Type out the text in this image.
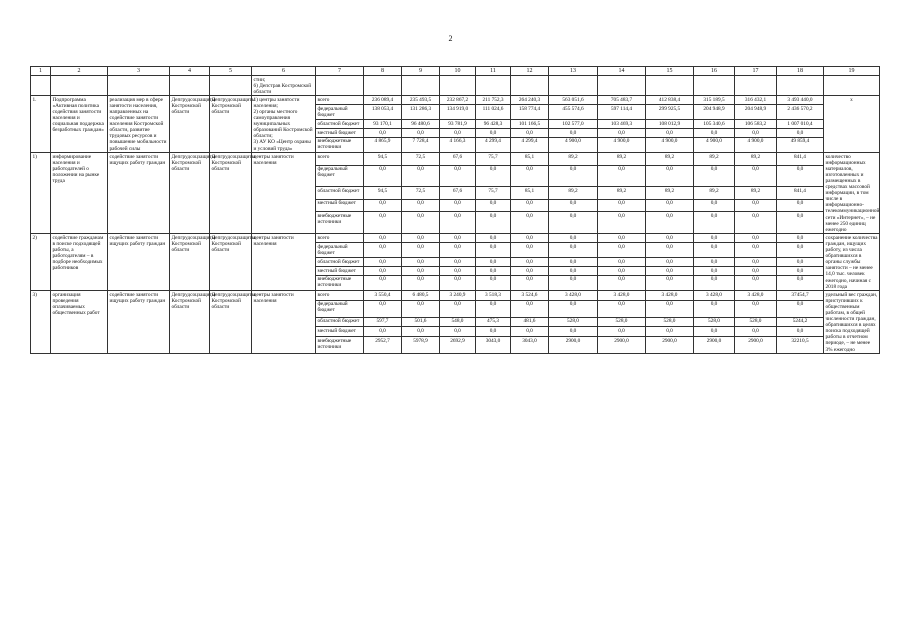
2
1	2	3	4	5	6	7	8	9	10	11	12	13	14	15	16	17	18	19
					стии;
6) Депстрав Костромской области													
1.	Подпрограмма «Активная политика содействия занятости населения и социальная поддержка безработных граждан»	реализация мер в сфере занятости населения, направленных на содействие занятости населения Костромской области, развитие трудовых ресурсов и повышение мобильности рабочей силы	Депгрудсоцзащиты Костромской области	Депгрудсоцзащиты Костромской области	1) центры занятости населения;
2) органы местного самоуправления муниципальных образований Костромской области;
3) АУ КО «Центр охраны и условий труда»	всего	236 089,4	235 493,5	232 867,2	211 752,3	264 240,3	563 051,6	705 483,7	412 838,4	315 189,5	316 432,1	3 493 440,0	x
						федеральный бюджет	138 053,4	131 286,3	134 919,0	111 024,6	158 774,4	455 574,6	597 114,4	299 925,5	204 948,9	204 948,9	2 436 570,2	
						областной бюджет	93 170,1	96 480,6	93 781,9	96 428,3	101 166,5	102 577,0	103 469,3	108 012,9	105 340,6	106 583,2	1 007 010,4	
						местный бюджет	0,0	0,0	0,0	0,0	0,0	0,0	0,0	0,0	0,0	0,0	0,0	
						внебюджетные источники	4 865,9	7 728,4	4 166,3	4 299,4	4 299,4	4 900,0	4 900,0	4 900,0	4 900,0	4 900,0	49 859,4	
1)	информирование населения и работодателей о положении на рынке труда	содействие занятости ищущих работу граждан	Депгрудсоцзащиты Костромской области	Депгрудсоцзащиты Костромской области	центры занятости населения	всего	94,5	72,5	67,6	75,7	85,1	89,2	89,2	89,2	89,2	89,2	841,4	количество информационных материалов, изготовленных и размещенных в средствах массовой информации, в том числе в информационно-телекоммуникационной сети «Интернет», – не менее 250 единиц ежегодно
						федеральный бюджет	0,0	0,0	0,0	0,0	0,0	0,0	0,0	0,0	0,0	0,0	0,0	
						областной бюджет	94,5	72,5	67,6	75,7	85,1	89,2	89,2	89,2	89,2	89,2	841,4	
						местный бюджет	0,0	0,0	0,0	0,0	0,0	0,0	0,0	0,0	0,0	0,0	0,0	
						внебюджетные источники	0,0	0,0	0,0	0,0	0,0	0,0	0,0	0,0	0,0	0,0	0,0	
2)	содействие гражданам в поиске подходящей работы, а работодателям – в подборе необходимых работников	содействие занятости ищущих работу граждан	Депгрудсоцзащиты Костромской области	Депгрудсоцзащиты Костромской области	центры занятости населения	всего	0,0	0,0	0,0	0,0	0,0	0,0	0,0	0,0	0,0	0,0	0,0	сохранение количества граждан, ищущих работу, из числа обратившихся в органы службы занятости – не менее 14,0 тыс. человек ежегодно, начиная с 2018 года
						федеральный бюджет	0,0	0,0	0,0	0,0	0,0	0,0	0,0	0,0	0,0	0,0	0,0	
						областной бюджет	0,0	0,0	0,0	0,0	0,0	0,0	0,0	0,0	0,0	0,0	0,0	
						местный бюджет	0,0	0,0	0,0	0,0	0,0	0,0	0,0	0,0	0,0	0,0	0,0	
						внебюджетные источники	0,0	0,0	0,0	0,0	0,0	0,0	0,0	0,0	0,0	0,0	0,0	
3)	организация проведения оплачиваемых общественных работ	содействие занятости ищущих работу граждан	Депгрудсоцзащиты Костромской области	Депгрудсоцзащиты Костромской области	центры занятости населения	всего	3 550,4	6 480,5	3 240,9	3 518,3	3 524,6	3 428,0	3 428,0	3 428,0	3 428,0	3 428,0	37454,7	удельный вес граждан, приступивших к общественным работам, в общей численности граждан, обратившихся в целях поиска подходящей работы в отчетном периоде, – не менее 3% ежегодно
						федеральный бюджет	0,0	0,0	0,0	0,0	0,0	0,0	0,0	0,0	0,0	0,0	0,0	
						областной бюджет	597,7	501,6	548,0	475,3	481,6	528,0	528,0	528,0	528,0	528,0	5244,2	
						местный бюджет	0,0	0,0	0,0	0,0	0,0	0,0	0,0	0,0	0,0	0,0	0,0	
						внебюджетные источники	2952,7	5978,9	2692,9	3043,0	3043,0	2900,0	2900,0	2900,0	2900,0	2900,0	32210,5	
